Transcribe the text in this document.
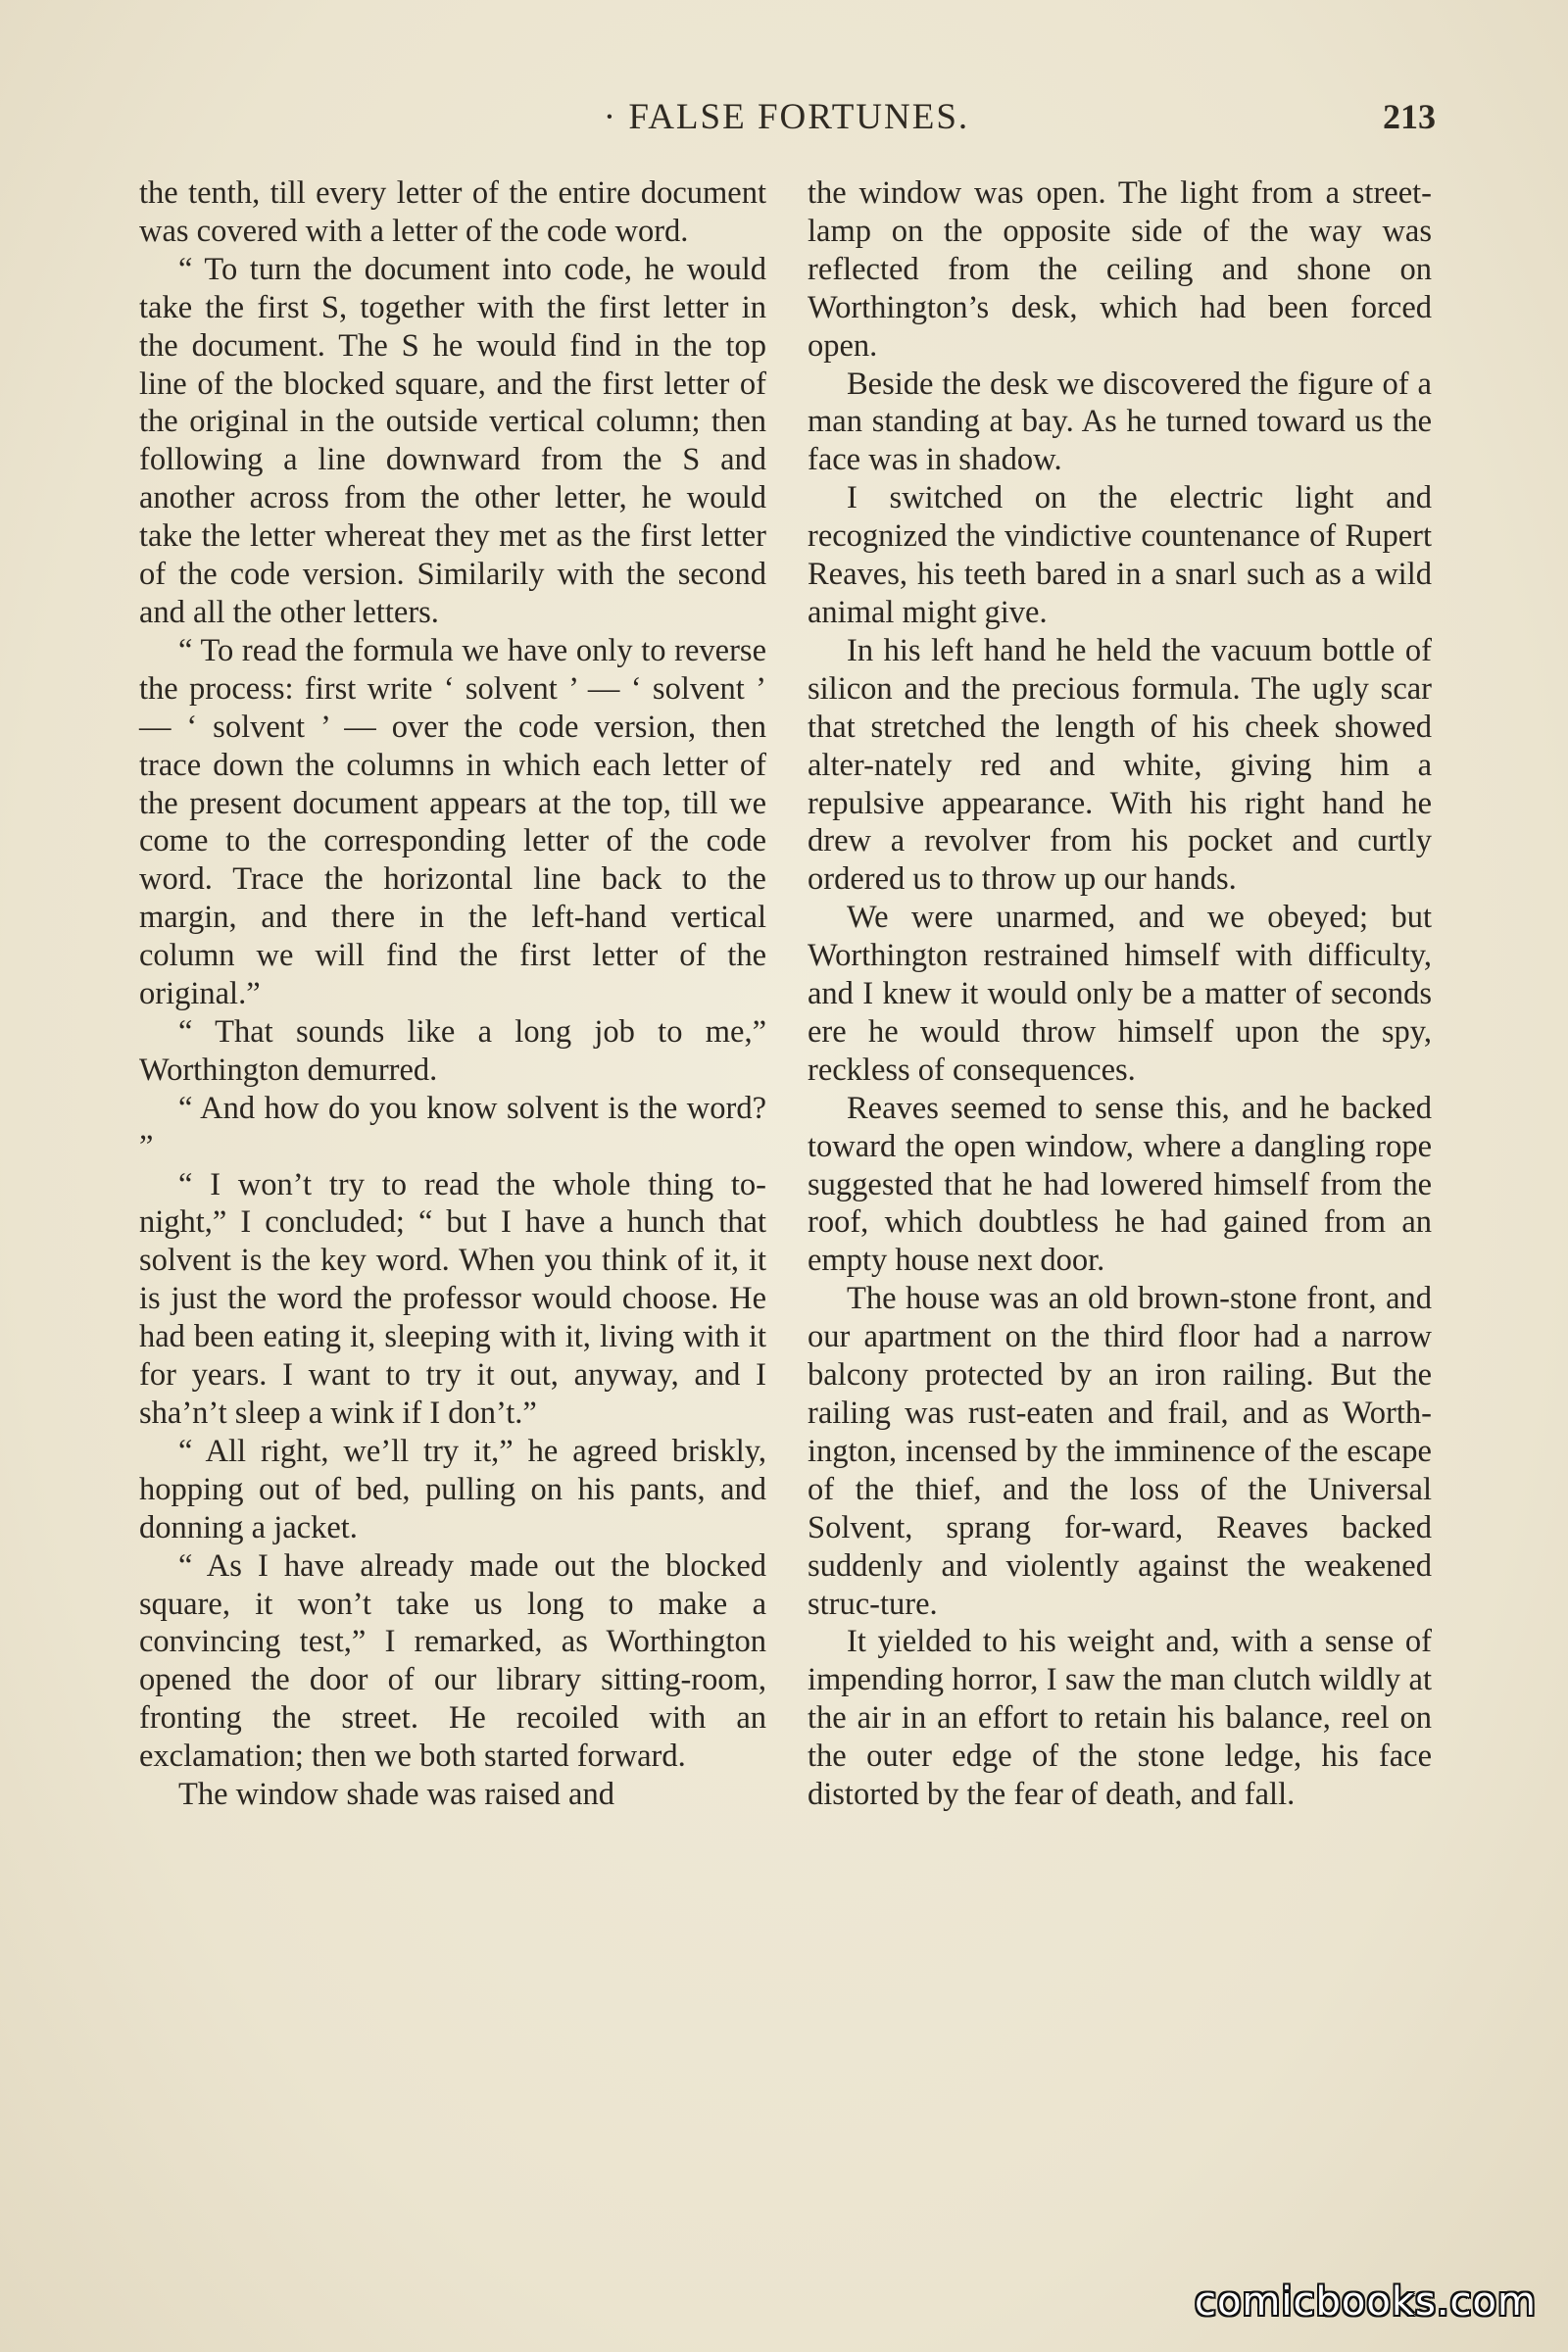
· FALSE FORTUNES.	213

the tenth, till every letter of the entire document was covered with a letter of the code word.

“ To turn the document into code, he would take the first S, together with the first letter in the document. The S he would find in the top line of the blocked square, and the first letter of the original in the outside vertical column; then following a line downward from the S and another across from the other letter, he would take the letter whereat they met as the first letter of the code version. Similarily with the second and all the other letters.

“ To read the formula we have only to reverse the process: first write ‘ solvent ’ — ‘ solvent ’ — ‘ solvent ’ — over the code version, then trace down the columns in which each letter of the present document appears at the top, till we come to the corresponding letter of the code word. Trace the horizontal line back to the margin, and there in the left-hand vertical column we will find the first letter of the original.”

“ That sounds like a long job to me,” Worthington demurred.

“ And how do you know solvent is the word? ”

“ I won’t try to read the whole thing to-night,” I concluded; “ but I have a hunch that solvent is the key word. When you think of it, it is just the word the professor would choose. He had been eating it, sleeping with it, living with it for years. I want to try it out, anyway, and I sha’n’t sleep a wink if I don’t.”

“ All right, we’ll try it,” he agreed briskly, hopping out of bed, pulling on his pants, and donning a jacket.

“ As I have already made out the blocked square, it won’t take us long to make a convincing test,” I remarked, as Worthington opened the door of our library sitting-room, fronting the street. He recoiled with an exclamation; then we both started forward.

The window shade was raised and

the window was open. The light from a street-lamp on the opposite side of the way was reflected from the ceiling and shone on Worthington’s desk, which had been forced open.

Beside the desk we discovered the figure of a man standing at bay. As he turned toward us the face was in shadow.

I switched on the electric light and recognized the vindictive countenance of Rupert Reaves, his teeth bared in a snarl such as a wild animal might give.

In his left hand he held the vacuum bottle of silicon and the precious formula. The ugly scar that stretched the length of his cheek showed alter-nately red and white, giving him a repulsive appearance. With his right hand he drew a revolver from his pocket and curtly ordered us to throw up our hands.

We were unarmed, and we obeyed; but Worthington restrained himself with difficulty, and I knew it would only be a matter of seconds ere he would throw himself upon the spy, reckless of consequences.

Reaves seemed to sense this, and he backed toward the open window, where a dangling rope suggested that he had lowered himself from the roof, which doubtless he had gained from an empty house next door.

The house was an old brown-stone front, and our apartment on the third floor had a narrow balcony protected by an iron railing. But the railing was rust-eaten and frail, and as Worth-ington, incensed by the imminence of the escape of the thief, and the loss of the Universal Solvent, sprang for-ward, Reaves backed suddenly and violently against the weakened struc-ture.

It yielded to his weight and, with a sense of impending horror, I saw the man clutch wildly at the air in an effort to retain his balance, reel on the outer edge of the stone ledge, his face distorted by the fear of death, and fall.

comicbooks.com
